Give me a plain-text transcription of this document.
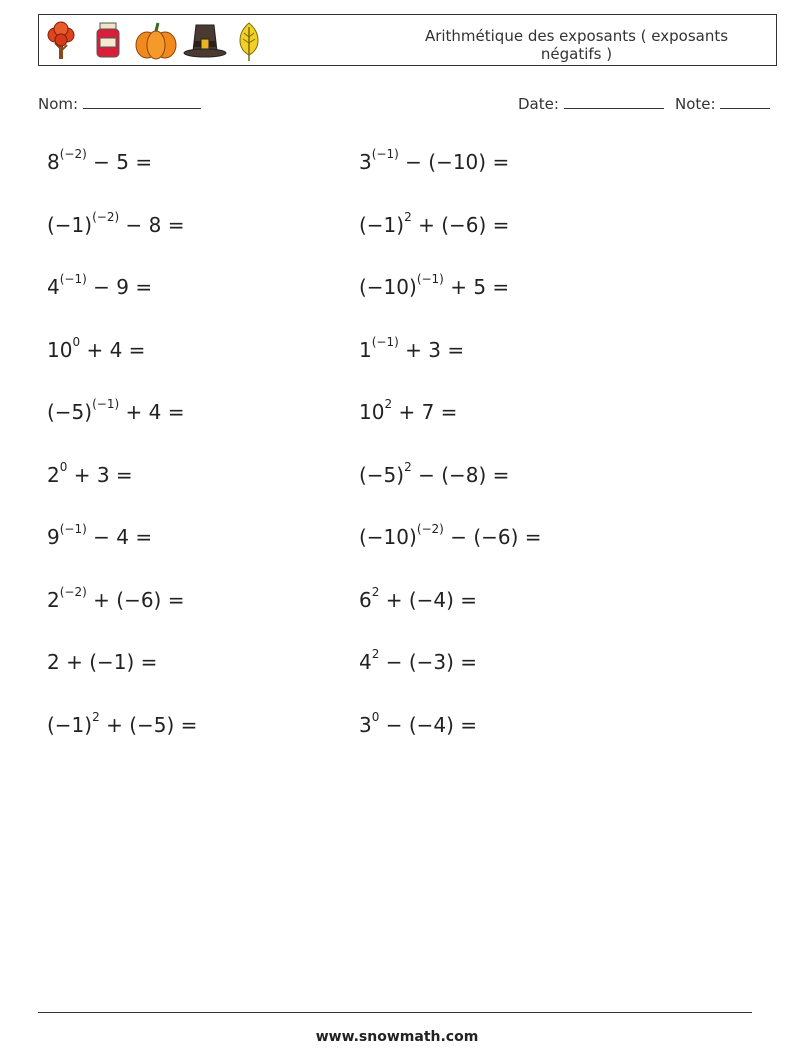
Arithmétique des exposants ( exposants négatifs )
Nom:	Date:	Note:
$8^{(-2)} - 5$ =
$(-1)^{(-2)} - 8$ =
$4^{(-1)} - 9$ =
$10^0 + 4$ =
$(-5)^{(-1)} + 4$ =
$2^0 + 3$ =
$9^{(-1)} - 4$ =
$2^{(-2)} + (-6)$ =
2 + (−1) =
$(-1)^2 + (-5)$ =
$3^{(-1)} - (-10)$ =
$(-1)^2 + (-6)$ =
$(-10)^{(-1)} + 5$ =
$1^{(-1)} + 3$ =
$10^2 + 7$ =
$(-5)^2 - (-8)$ =
$(-10)^{(-2)} - (-6)$ =
$6^2 + (-4)$ =
$4^2 - (-3)$ =
$3^0 - (-4)$ =
www.snowmath.com
